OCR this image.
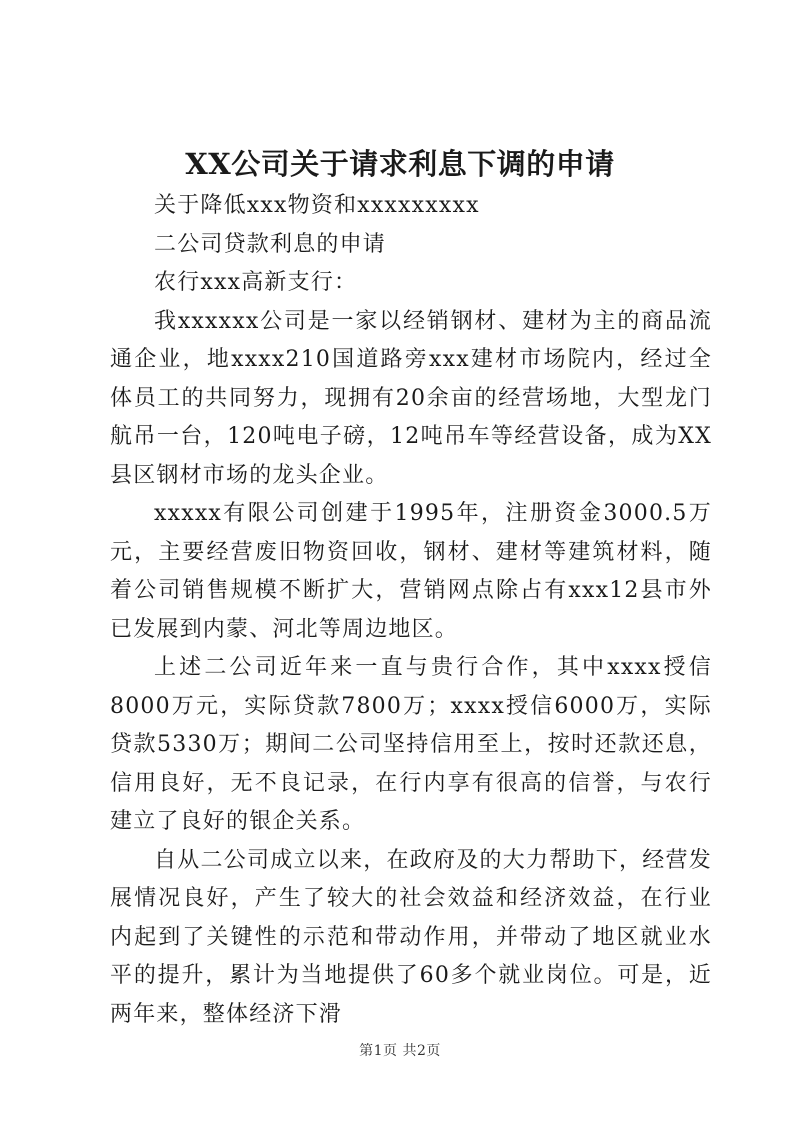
XX公司关于请求利息下调的申请

关于降低xxx物资和xxxxxxxxx

二公司贷款利息的申请

农行xxx高新支行：

我xxxxxx公司是一家以经销钢材、建材为主的商品流通企业，地xxxx210国道路旁xxx建材市场院内，经过全体员工的共同努力，现拥有20余亩的经营场地，大型龙门航吊一台，120吨电子磅，12吨吊车等经营设备，成为XX县区钢材市场的龙头企业。

xxxxx有限公司创建于1995年，注册资金3000.5万元，主要经营废旧物资回收，钢材、建材等建筑材料，随着公司销售规模不断扩大，营销网点除占有xxx12县市外已发展到内蒙、河北等周边地区。

上述二公司近年来一直与贵行合作，其中xxxx授信8000万元，实际贷款7800万；xxxx授信6000万，实际贷款5330万；期间二公司坚持信用至上，按时还款还息，信用良好，无不良记录，在行内享有很高的信誉，与农行建立了良好的银企关系。

自从二公司成立以来，在政府及的大力帮助下，经营发展情况良好，产生了较大的社会效益和经济效益，在行业内起到了关键性的示范和带动作用，并带动了地区就业水平的提升，累计为当地提供了60多个就业岗位。可是，近两年来，整体经济下滑

第1页 共2页
